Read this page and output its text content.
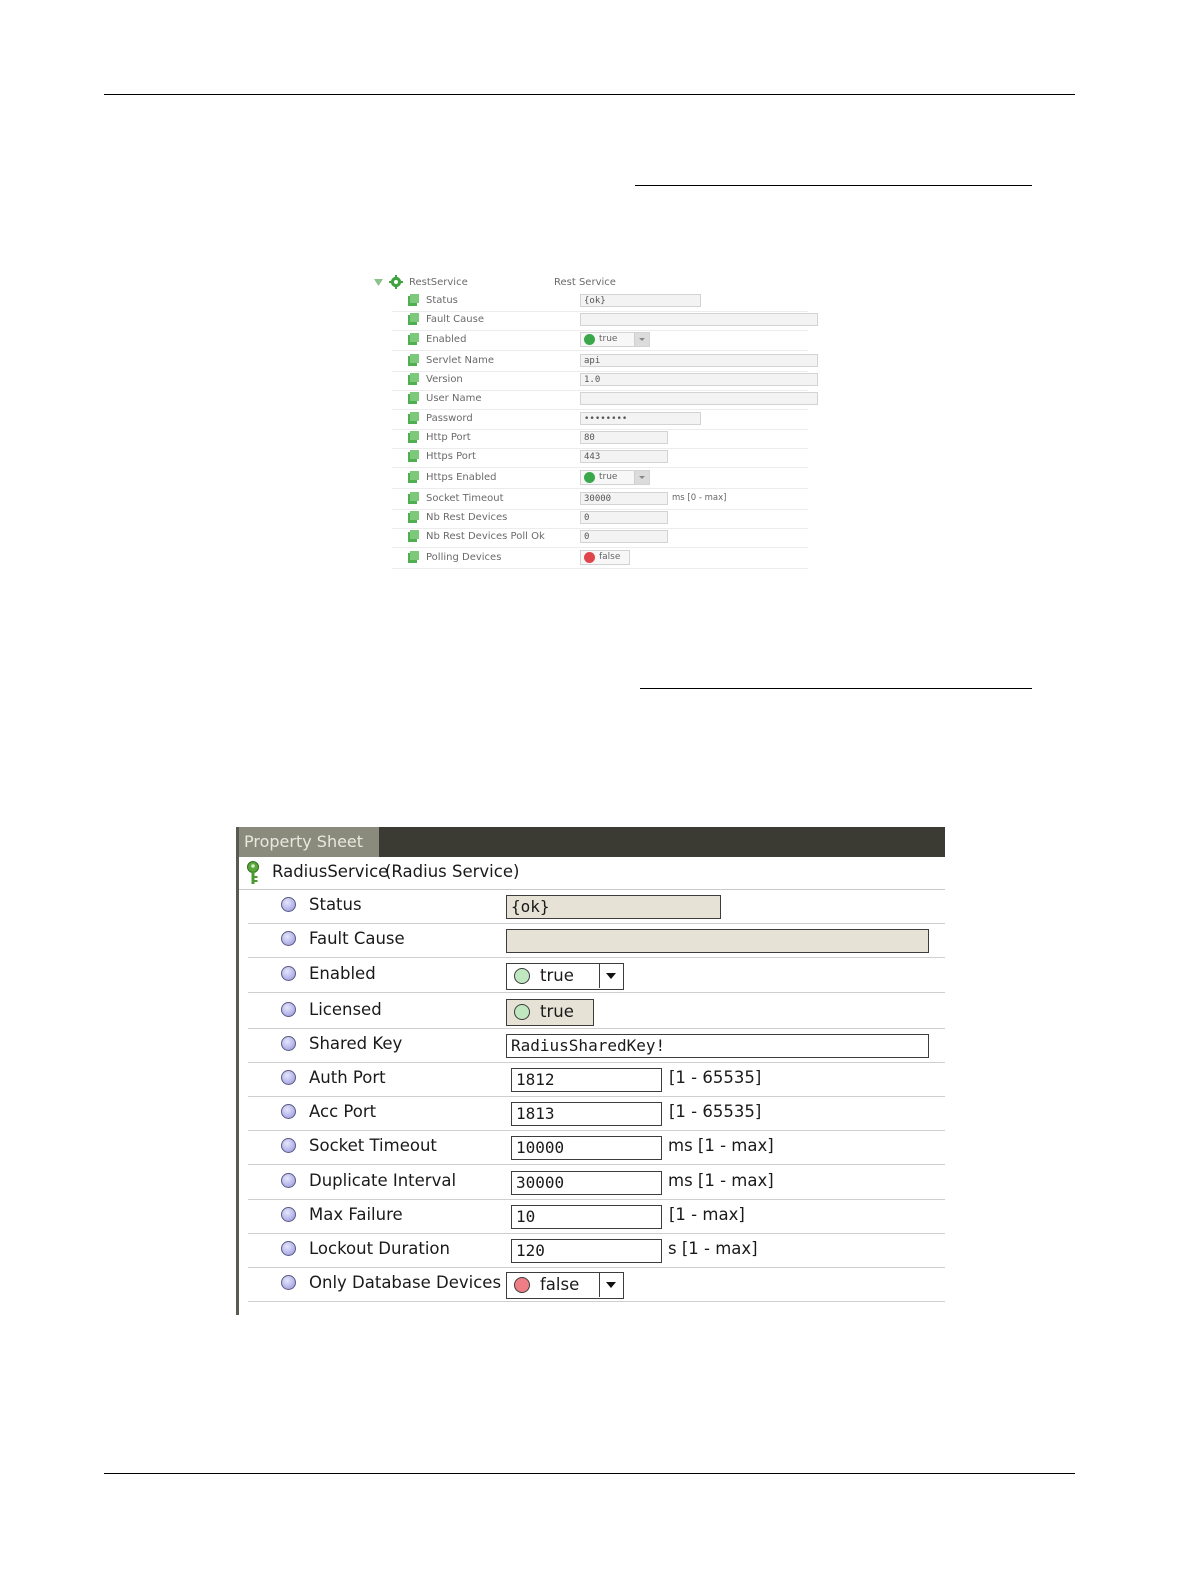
RestService	Rest Service
Status	{ok}
Fault Cause
Enabled	true
Servlet Name	api
Version	1.0
User Name
Password	••••••••
Http Port	80
Https Port	443
Https Enabled	true
Socket Timeout	30000	ms [0 - max]
Nb Rest Devices	0
Nb Rest Devices Poll Ok	0
Polling Devices	false
Property Sheet
RadiusService
(Radius Service)
Status	{ok}
Fault Cause
Enabled	true
Licensed	true
Shared Key	RadiusSharedKey!
Auth Port	1812	[1 - 65535]
Acc Port	1813	[1 - 65535]
Socket Timeout	10000	ms [1 - max]
Duplicate Interval	30000	ms [1 - max]
Max Failure	10	[1 - max]
Lockout Duration	120	s [1 - max]
Only Database Devices false
